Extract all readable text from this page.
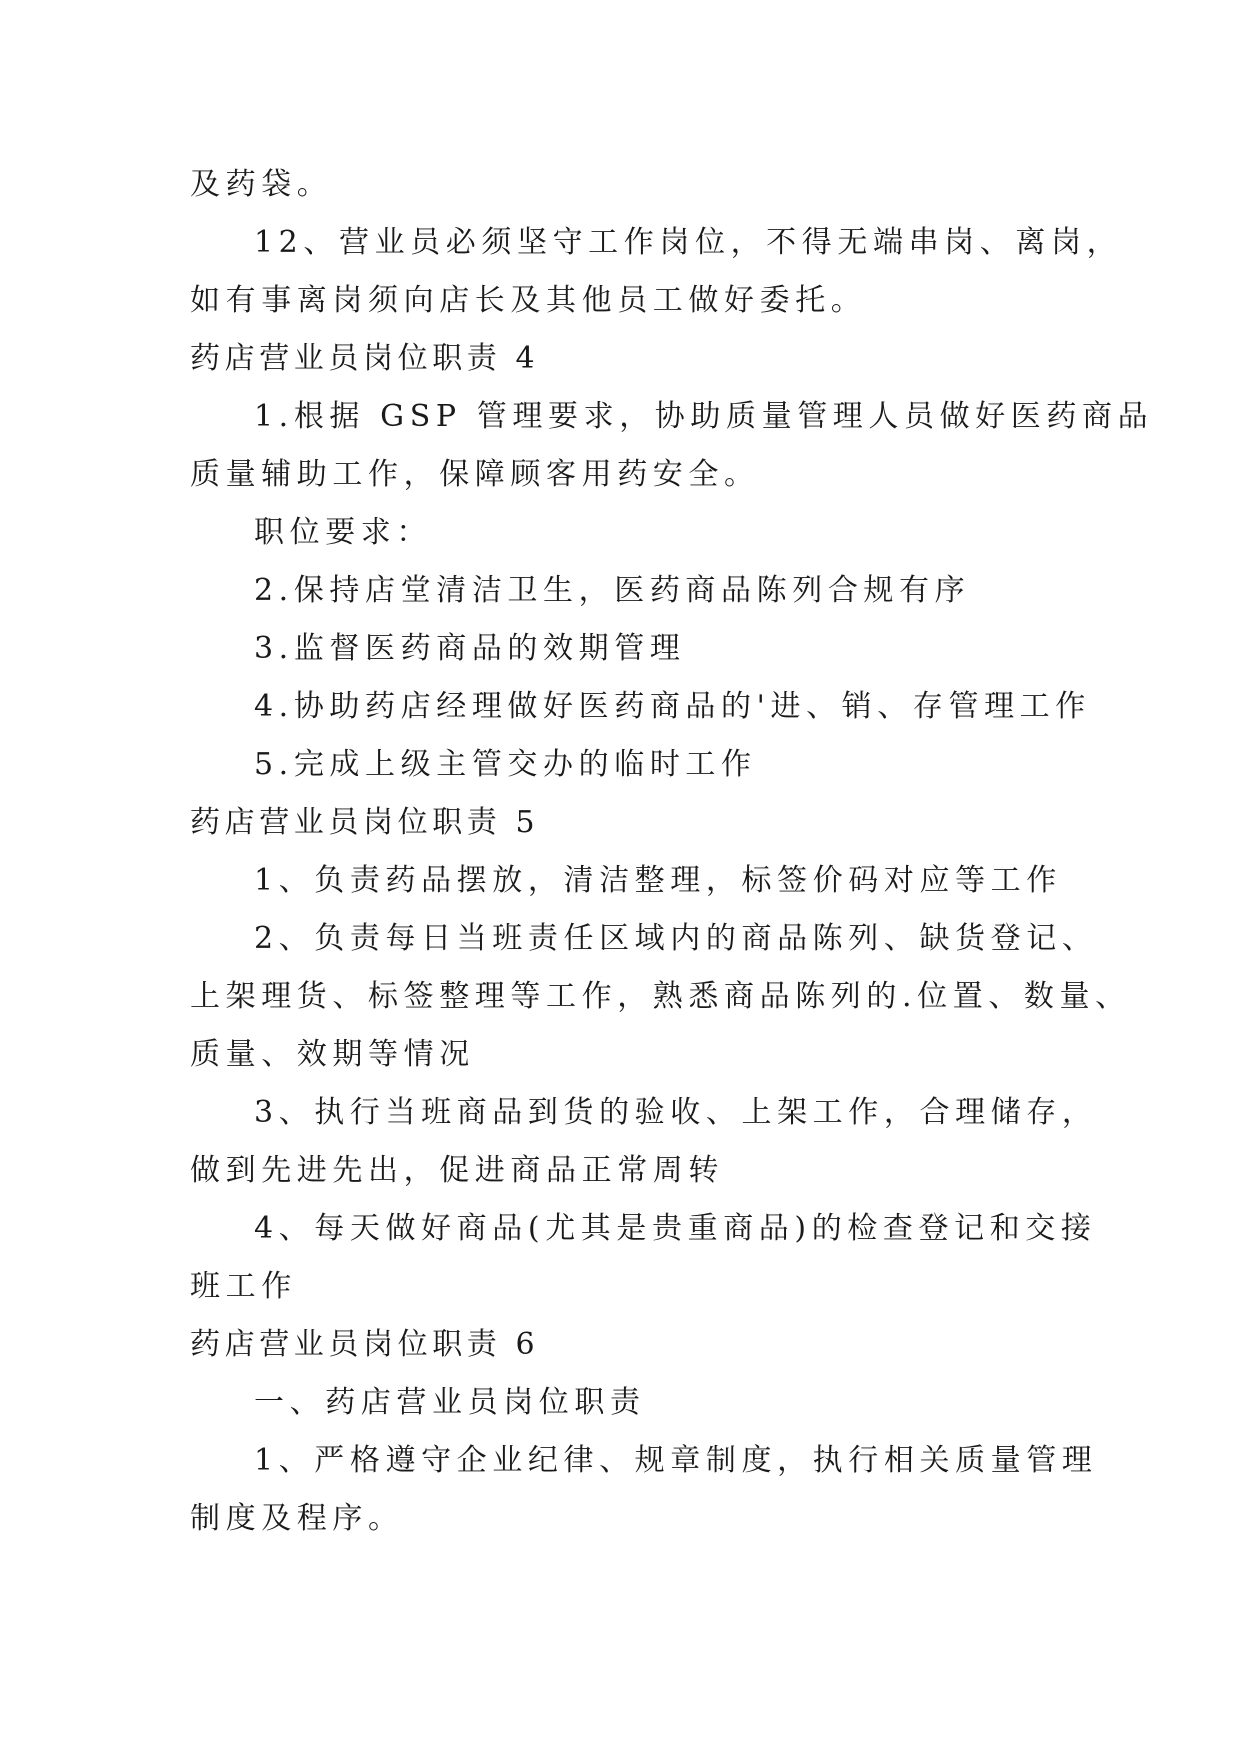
及药袋。
12、营业员必须坚守工作岗位，不得无端串岗、离岗，
如有事离岗须向店长及其他员工做好委托。
药店营业员岗位职责 4
1.根据 GSP 管理要求，协助质量管理人员做好医药商品
质量辅助工作，保障顾客用药安全。
职位要求：
2.保持店堂清洁卫生，医药商品陈列合规有序
3.监督医药商品的效期管理
4.协助药店经理做好医药商品的'进、销、存管理工作
5.完成上级主管交办的临时工作
药店营业员岗位职责 5
1、负责药品摆放，清洁整理，标签价码对应等工作
2、负责每日当班责任区域内的商品陈列、缺货登记、
上架理货、标签整理等工作，熟悉商品陈列的.位置、数量、
质量、效期等情况
3、执行当班商品到货的验收、上架工作，合理储存，
做到先进先出，促进商品正常周转
4、每天做好商品(尤其是贵重商品)的检查登记和交接
班工作
药店营业员岗位职责 6
一、药店营业员岗位职责
1、严格遵守企业纪律、规章制度，执行相关质量管理
制度及程序。
